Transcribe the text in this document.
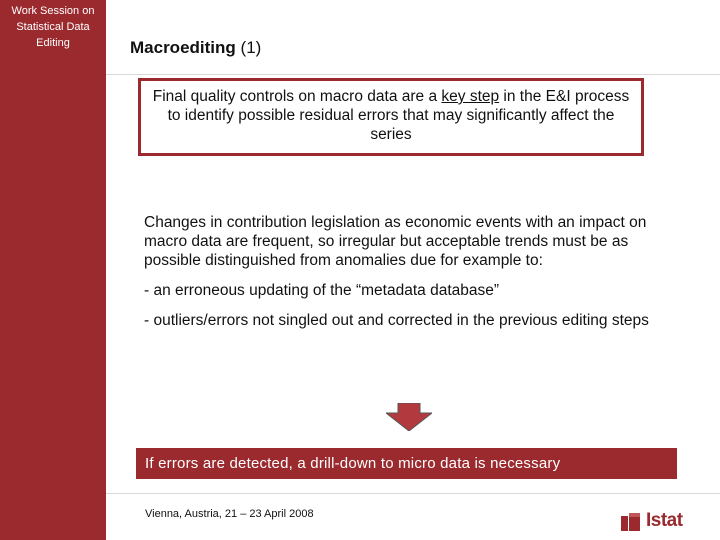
Work Session on
Statistical Data
Editing	Macroediting (1)
Final quality controls on macro data are a key step in the E&I process to identify possible residual errors that may significantly affect the series

Changes in contribution legislation as economic events with an impact on macro data are frequent, so irregular but acceptable trends must be as possible distinguished from anomalies due for example to:

- an erroneous updating of the “metadata database”

- outliers/errors not singled out and corrected in the previous editing steps

If errors are detected, a drill-down to micro data is necessary
Vienna, Austria, 21 – 23 April 2008	Istat
